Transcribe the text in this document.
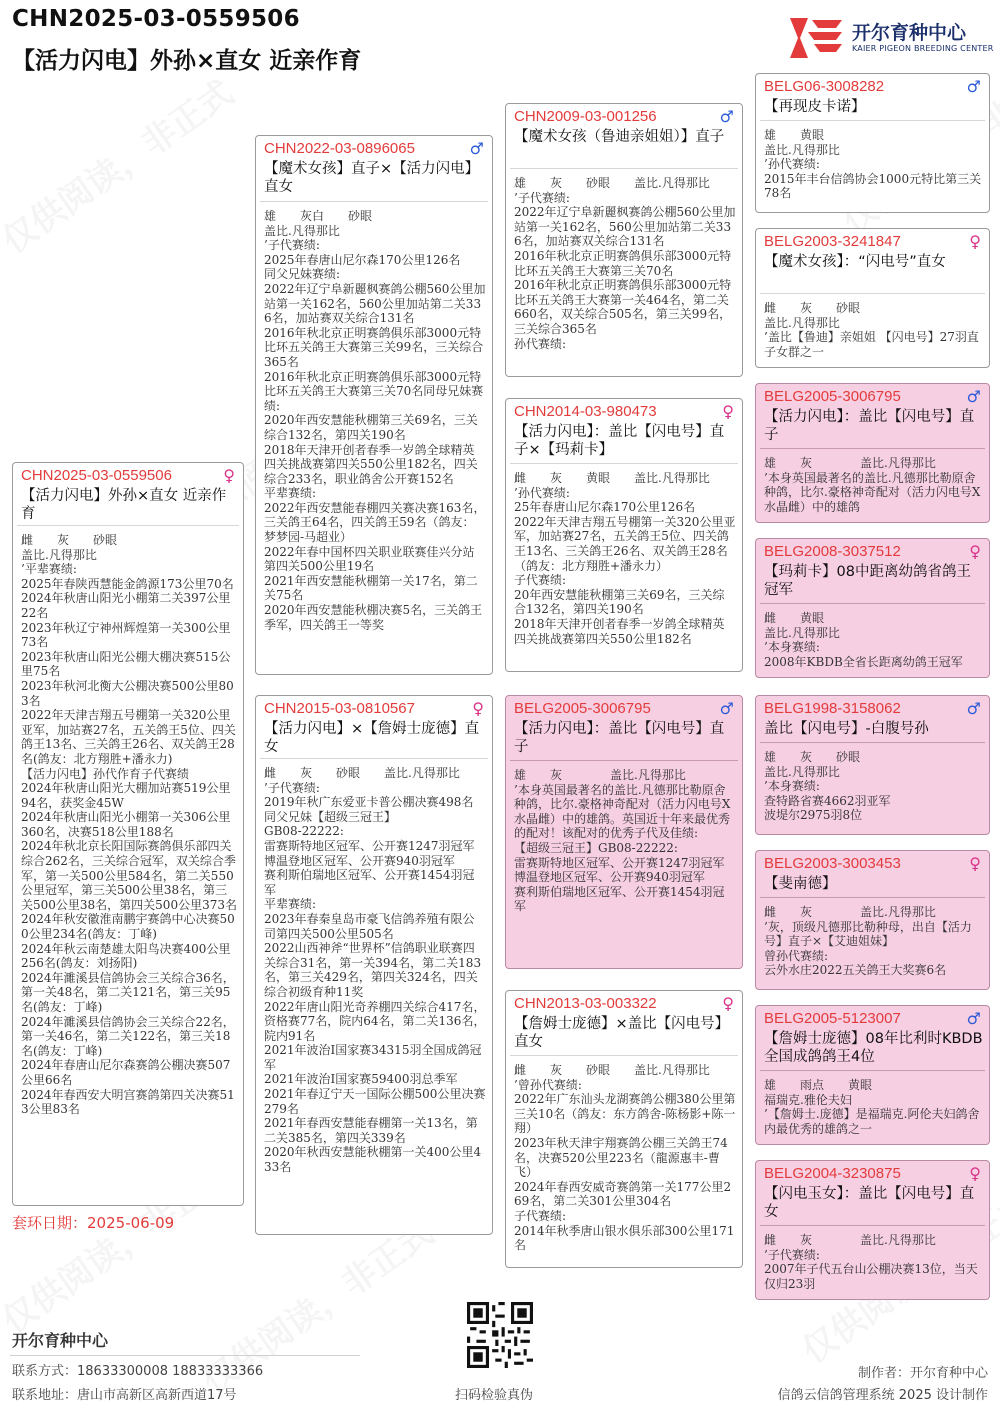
CHN2025-03-0559506
【活力闪电】外孙×直女 近亲作育
开尔育种中心
KAIER PIGEON BREEDING CENTER
CHN2025-03-0559506	♀
【活力闪电】外孙×直女 近亲作育
雌　　灰　　砂眼
盖比.凡得那比
’平辈赛绩:
2025年春陕西慧能金鸽源173公里70名
2024年秋唐山阳光小棚第二关397公里22名
2023年秋辽宁神州辉煌第一关300公里73名
2023年秋唐山阳光公棚大棚决赛515公里75名
2023年秋河北衡大公棚决赛500公里803名
2022年天津吉翔五号棚第一关320公里亚军，加站赛27名，五关鸽王5位、四关鸽王13名、三关鸽王26名、双关鸽王28名(鸽友：北方翔胜+潘永力)
【活力闪电】孙代作育子代赛绩
2024年秋唐山阳光大棚加站赛519公里94名，获奖金45W
2024年秋唐山阳光小棚第一关306公里360名，决赛518公里188名
2024年秋北京长阳国际赛鸽俱乐部四关综合262名，三关综合冠军，双关综合季军，第一关500公里584名，第二关550公里冠军，第三关500公里38名，第三关500公里38名，第四关500公里373名
2024年秋安徽淮南鹏宇赛鸽中心决赛500公里234名(鸽友：丁峰)
2024年秋云南楚雄太阳鸟决赛400公里256名(鸽友：刘扬阳)
2024年濉溪县信鸽协会三关综合36名，第一关48名，第二关121名，第三关95名(鸽友：丁峰)
2024年濉溪县信鸽协会三关综合22名，第一关46名，第二关122名，第三关18名(鸽友：丁峰)
2024年春唐山尼尔森赛鸽公棚决赛507公里66名
2024年春西安大明宫赛鸽第四关决赛513公里83名
CHN2022-03-0896065	♂
【魔术女孩】直子×【活力闪电】直女
雄　　灰白　　砂眼
盖比.凡得那比
’子代赛绩:
2025年春唐山尼尔森170公里126名
同父兄妹赛绩:
2022年辽宁阜新麗枫赛鸽公棚560公里加站第一关162名，560公里加站第二关336名，加站赛双关综合131名
2016年秋北京正明赛鸽俱乐部3000元特比环五关鸽王大赛第三关99名，三关综合365名
2016年秋北京正明赛鸽俱乐部3000元特比环五关鸽王大赛第三关70名同母兄妹赛绩:
2020年西安慧能秋棚第三关69名，三关综合132名，第四关190名
2018年天津开创者春季一岁鸽全球精英四关挑战赛第四关550公里182名，四关综合233名，职业鸽舍公开赛152名
平辈赛绩:
2022年西安慧能春棚四关赛决赛163名，三关鸽王64名，四关鸽王59名（鸽友：梦梦园-马超业）
2022年春中国杯四关职业联赛佳兴分站第四关500公里19名
2021年西安慧能秋棚第一关17名，第二关75名
2020年西安慧能秋棚决赛5名，三关鸽王季军，四关鸽王一等奖
CHN2015-03-0810567	♀
【活力闪电】×【詹姆士庞德】直女
雌　　灰　　砂眼　　盖比.凡得那比
’子代赛绩:
2019年秋广东爱亚卡普公棚决赛498名
同父兄妹【超级三冠王】
GB08-22222:
雷赛斯特地区冠军、公开赛1247羽冠军
博温登地区冠军、公开赛940羽冠军
赛利斯伯瑞地区冠军、公开赛1454羽冠军
平辈赛绩:
2023年春秦皇岛市豪飞信鸽养殖有限公司第四关500公里505名
2022山西神斧“世界杯”信鸽职业联赛四关综合31名，第一关394名，第二关183名，第三关429名，第四关324名，四关综合初级育种11奖
2022年唐山阳光奇养棚四关综合417名，资格赛77名，院内64名，第二关136名，院内91名
2021年波治Ⅰ国家赛34315羽全国成鸽冠军
2021年波治Ⅰ国家赛59400羽总季军
2021年春辽宁天一国际公棚500公里决赛279名
2021年春西安慧能春棚第一关13名，第二关385名，第四关339名
2020年秋西安慧能秋棚第一关400公里433名
CHN2009-03-001256	♂
【魔术女孩（鲁迪亲姐姐）】直子
雄　　灰　　砂眼　　盖比.凡得那比
’子代赛绩:
2022年辽宁阜新麗枫赛鸽公棚560公里加站第一关162名，560公里加站第二关336名，加站赛双关综合131名
2016年秋北京正明赛鸽俱乐部3000元特比环五关鸽王大赛第三关70名
2016年秋北京正明赛鸽俱乐部3000元特比环五关鸽王大赛第一关464名，第二关660名，双关综合505名，第三关99名，三关综合365名
孙代赛绩:
CHN2014-03-980473	♀
【活力闪电】：盖比【闪电号】直子×【玛莉卡】
雌　　灰　　黄眼　　盖比.凡得那比
’孙代赛绩:
25年春唐山尼尔森170公里126名
2022年天津吉翔五号棚第一关320公里亚军，加站赛27名，五关鸽王5位、四关鸽王13名、三关鸽王26名、双关鸽王28名（鸽友：北方翔胜+潘永力）
子代赛绩:
20年西安慧能秋棚第三关69名，三关综合132名，第四关190名
2018年天津开创者春季一岁鸽全球精英四关挑战赛第四关550公里182名
BELG2005-3006795	♂
【活力闪电】：盖比【闪电号】直子
雄　　灰　　　　盖比.凡得那比
’本身英国最著名的盖比.凡德那比勒原舍种鸽，比尔.豪格神奇配对（活力闪电号X水晶雌）中的雄鸽。英国近十年来最优秀的配对！该配对的优秀子代及佳绩:
【超级三冠王】GB08-22222:
雷赛斯特地区冠军、公开赛1247羽冠军
博温登地区冠军、公开赛940羽冠军
赛利斯伯瑞地区冠军、公开赛1454羽冠军
CHN2013-03-003322	♀
【詹姆士庞德】×盖比【闪电号】直女
雌　　灰　　砂眼　　盖比.凡得那比
’曾孙代赛绩:
2022年广东汕头龙湖赛鸽公棚380公里第三关10名（鸽友：东方鸽舍-陈杨影+陈一翔）
2023年秋天津宇翔赛鸽公棚三关鸽王74名，决赛520公里223名（龍源惠丰-曹飞）
2024年春西安威奇赛鸽第一关177公里269名，第二关301公里304名
子代赛绩:
2014年秋季唐山银水俱乐部300公里171名
BELG06-3008282	♂
【再现皮卡诺】
雄　　黄眼
盖比.凡得那比
’孙代赛绩:
2015年丰台信鸽协会1000元特比第三关78名
BELG2003-3241847	♀
【魔术女孩】：“闪电号”直女
雌　　灰　　砂眼
盖比.凡得那比
’盖比【鲁迪】亲姐姐 【闪电号】27羽直子女群之一
BELG2005-3006795	♂
【活力闪电】：盖比【闪电号】直子
雄　　灰　　　　盖比.凡得那比
’本身英国最著名的盖比.凡德那比勒原舍种鸽，比尔.豪格神奇配对（活力闪电号X水晶雌）中的雄鸽
BELG2008-3037512	♀
【玛莉卡】08中距离幼鸽省鸽王冠军
雌　　黄眼
盖比.凡得那比
’本身赛绩:
2008年KBDB全省长距离幼鸽王冠军
BELG1998-3158062	♂
盖比【闪电号】-白腹号孙
雄　　灰　　砂眼
盖比.凡得那比
’本身赛绩:
查特路省赛4662羽亚军
波堤尔2975羽8位
BELG2003-3003453	♀
【斐南德】
雌　　灰　　　　盖比.凡得那比
’灰，顶级凡德那比勒种母，出自【活力号】直子×【艾迪姐妹】
曾孙代赛绩:
云外水庄2022五关鸽王大奖赛6名
BELG2005-5123007	♂
【詹姆士庞德】08年比利时KBDB全国成鸽鸽王4位
雄　　雨点　　黄眼
福瑞克.雅伦夫妇
’【詹姆士.庞德】是福瑞克.阿伦夫妇鸽舍内最优秀的雄鸽之一
BELG2004-3230875	♀
【闪电玉女】：盖比【闪电号】直女
雌　　灰　　　　盖比.凡得那比
’子代赛绩:
2007年子代五台山公棚决赛13位，当天仅归23羽
套环日期：2025-06-09
开尔育种中心
联系方式：18633300008 18833333366
联系地址：唐山市高新区高新西道17号	扫码检验真伪
制作者：开尔育种中心
信鸽云信鸽管理系统 2025 设计制作
